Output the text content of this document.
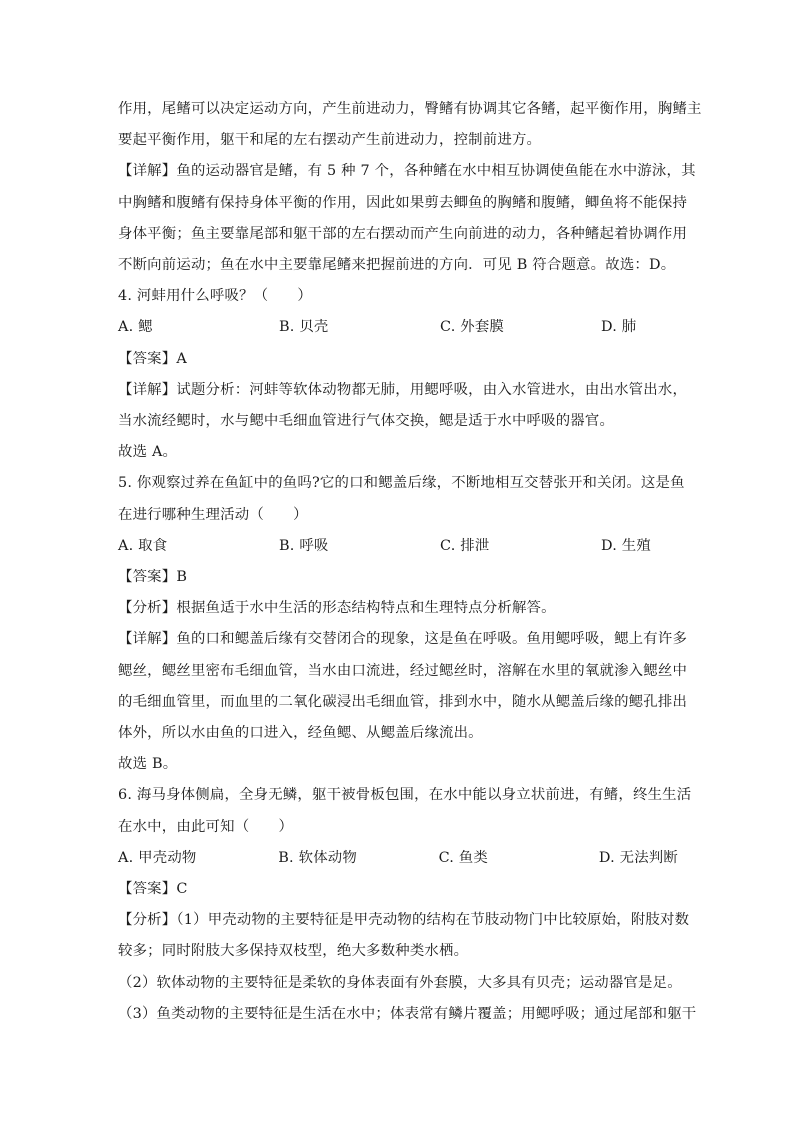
作用，尾鳍可以决定运动方向，产生前进动力，臀鳍有协调其它各鳍，起平衡作用，胸鳍主

要起平衡作用，躯干和尾的左右摆动产生前进动力，控制前进方。

【详解】鱼的运动器官是鳍，有 5 种 7 个，各种鳍在水中相互协调使鱼能在水中游泳，其

中胸鳍和腹鳍有保持身体平衡的作用，因此如果剪去鲫鱼的胸鳍和腹鳍，鲫鱼将不能保持

身体平衡；鱼主要靠尾部和躯干部的左右摆动而产生向前进的动力，各种鳍起着协调作用

不断向前运动；鱼在水中主要靠尾鳍来把握前进的方向．可见 B 符合题意。故选：D。

4. 河蚌用什么呼吸？（　　）

A. 鳃	B. 贝壳	C. 外套膜	D. 肺

【答案】A

【详解】试题分析：河蚌等软体动物都无肺，用鳃呼吸，由入水管进水，由出水管出水，

当水流经鳃时，水与鳃中毛细血管进行气体交换，鳃是适于水中呼吸的器官。

故选 A。

5. 你观察过养在鱼缸中的鱼吗?它的口和鳃盖后缘，不断地相互交替张开和关闭。这是鱼

在进行哪种生理活动（　　）

A. 取食	B. 呼吸	C. 排泄	D. 生殖

【答案】B

【分析】根据鱼适于水中生活的形态结构特点和生理特点分析解答。

【详解】鱼的口和鳃盖后缘有交替闭合的现象，这是鱼在呼吸。鱼用鳃呼吸，鳃上有许多

鳃丝，鳃丝里密布毛细血管，当水由口流进，经过鳃丝时，溶解在水里的氧就渗入鳃丝中

的毛细血管里，而血里的二氧化碳浸出毛细血管，排到水中，随水从鳃盖后缘的鳃孔排出

体外，所以水由鱼的口进入，经鱼鳃、从鳃盖后缘流出。

故选 B。

6. 海马身体侧扁，全身无鳞，躯干被骨板包围，在水中能以身立状前进，有鳍，终生生活

在水中，由此可知（　　）

A. 甲壳动物	B. 软体动物	C. 鱼类	D. 无法判断

【答案】C

【分析】（1）甲壳动物的主要特征是甲壳动物的结构在节肢动物门中比较原始，附肢对数

较多；同时附肢大多保持双枝型，绝大多数种类水栖。

（2）软体动物的主要特征是柔软的身体表面有外套膜，大多具有贝壳；运动器官是足。

（3）鱼类动物的主要特征是生活在水中；体表常有鳞片覆盖；用鳃呼吸；通过尾部和躯干
